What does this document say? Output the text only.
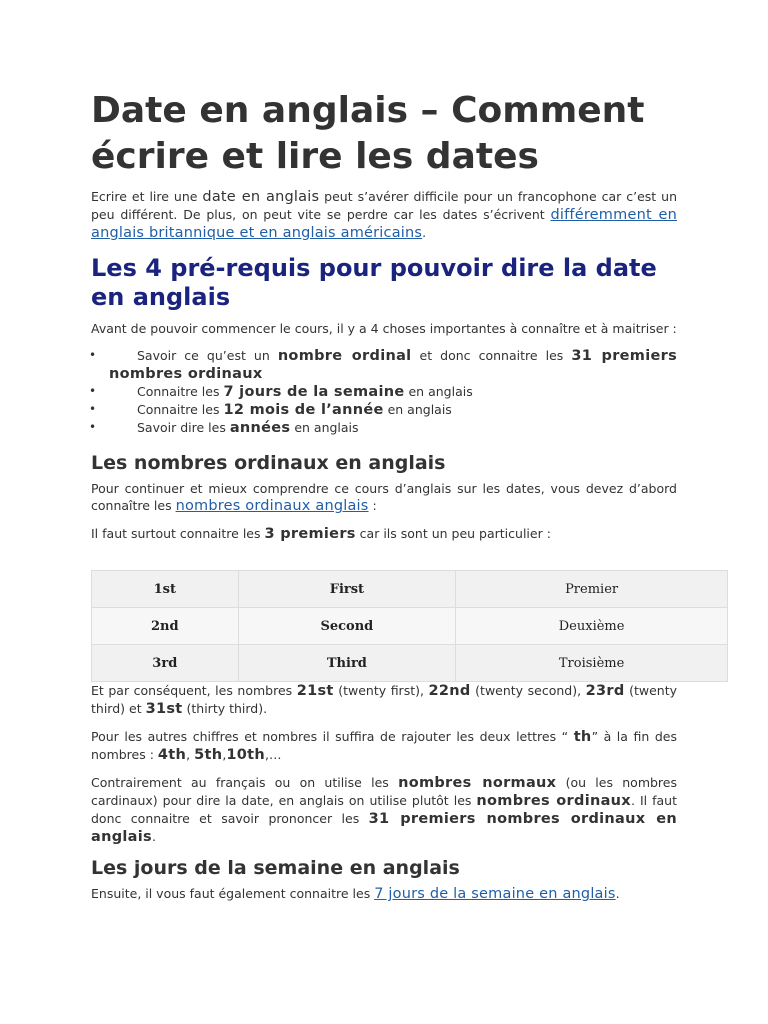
Date en anglais – Comment écrire et lire les dates

Ecrire et lire une date en anglais peut s’avérer difficile pour un francophone car c’est un peu différent. De plus, on peut vite se perdre car les dates s’écrivent différemment en anglais britannique et en anglais américains.

Les 4 pré-requis pour pouvoir dire la date en anglais

Avant de pouvoir commencer le cours, il y a 4 choses importantes à connaître et à maitriser :

• Savoir ce qu’est un nombre ordinal et donc connaitre les 31 premiers nombres ordinaux
• Connaitre les 7 jours de la semaine en anglais
• Connaitre les 12 mois de l’année en anglais
• Savoir dire les années en anglais
Les nombres ordinaux en anglais

Pour continuer et mieux comprendre ce cours d’anglais sur les dates, vous devez d’abord connaître les nombres ordinaux anglais :

Il faut surtout connaitre les 3 premiers car ils sont un peu particulier :

1st	First	Premier
2nd	Second	Deuxième
3rd	Third	Troisième

Et par conséquent, les nombres 21st (twenty first), 22nd (twenty second), 23rd (twenty third) et 31st (thirty third).

Pour les autres chiffres et nombres il suffira de rajouter les deux lettres “ th” à la fin des nombres : 4th, 5th,10th,…

Contrairement au français ou on utilise les nombres normaux (ou les nombres cardinaux) pour dire la date, en anglais on utilise plutôt les nombres ordinaux. Il faut donc connaitre et savoir prononcer les 31 premiers nombres ordinaux en anglais.

Les jours de la semaine en anglais

Ensuite, il vous faut également connaitre les 7 jours de la semaine en anglais.
